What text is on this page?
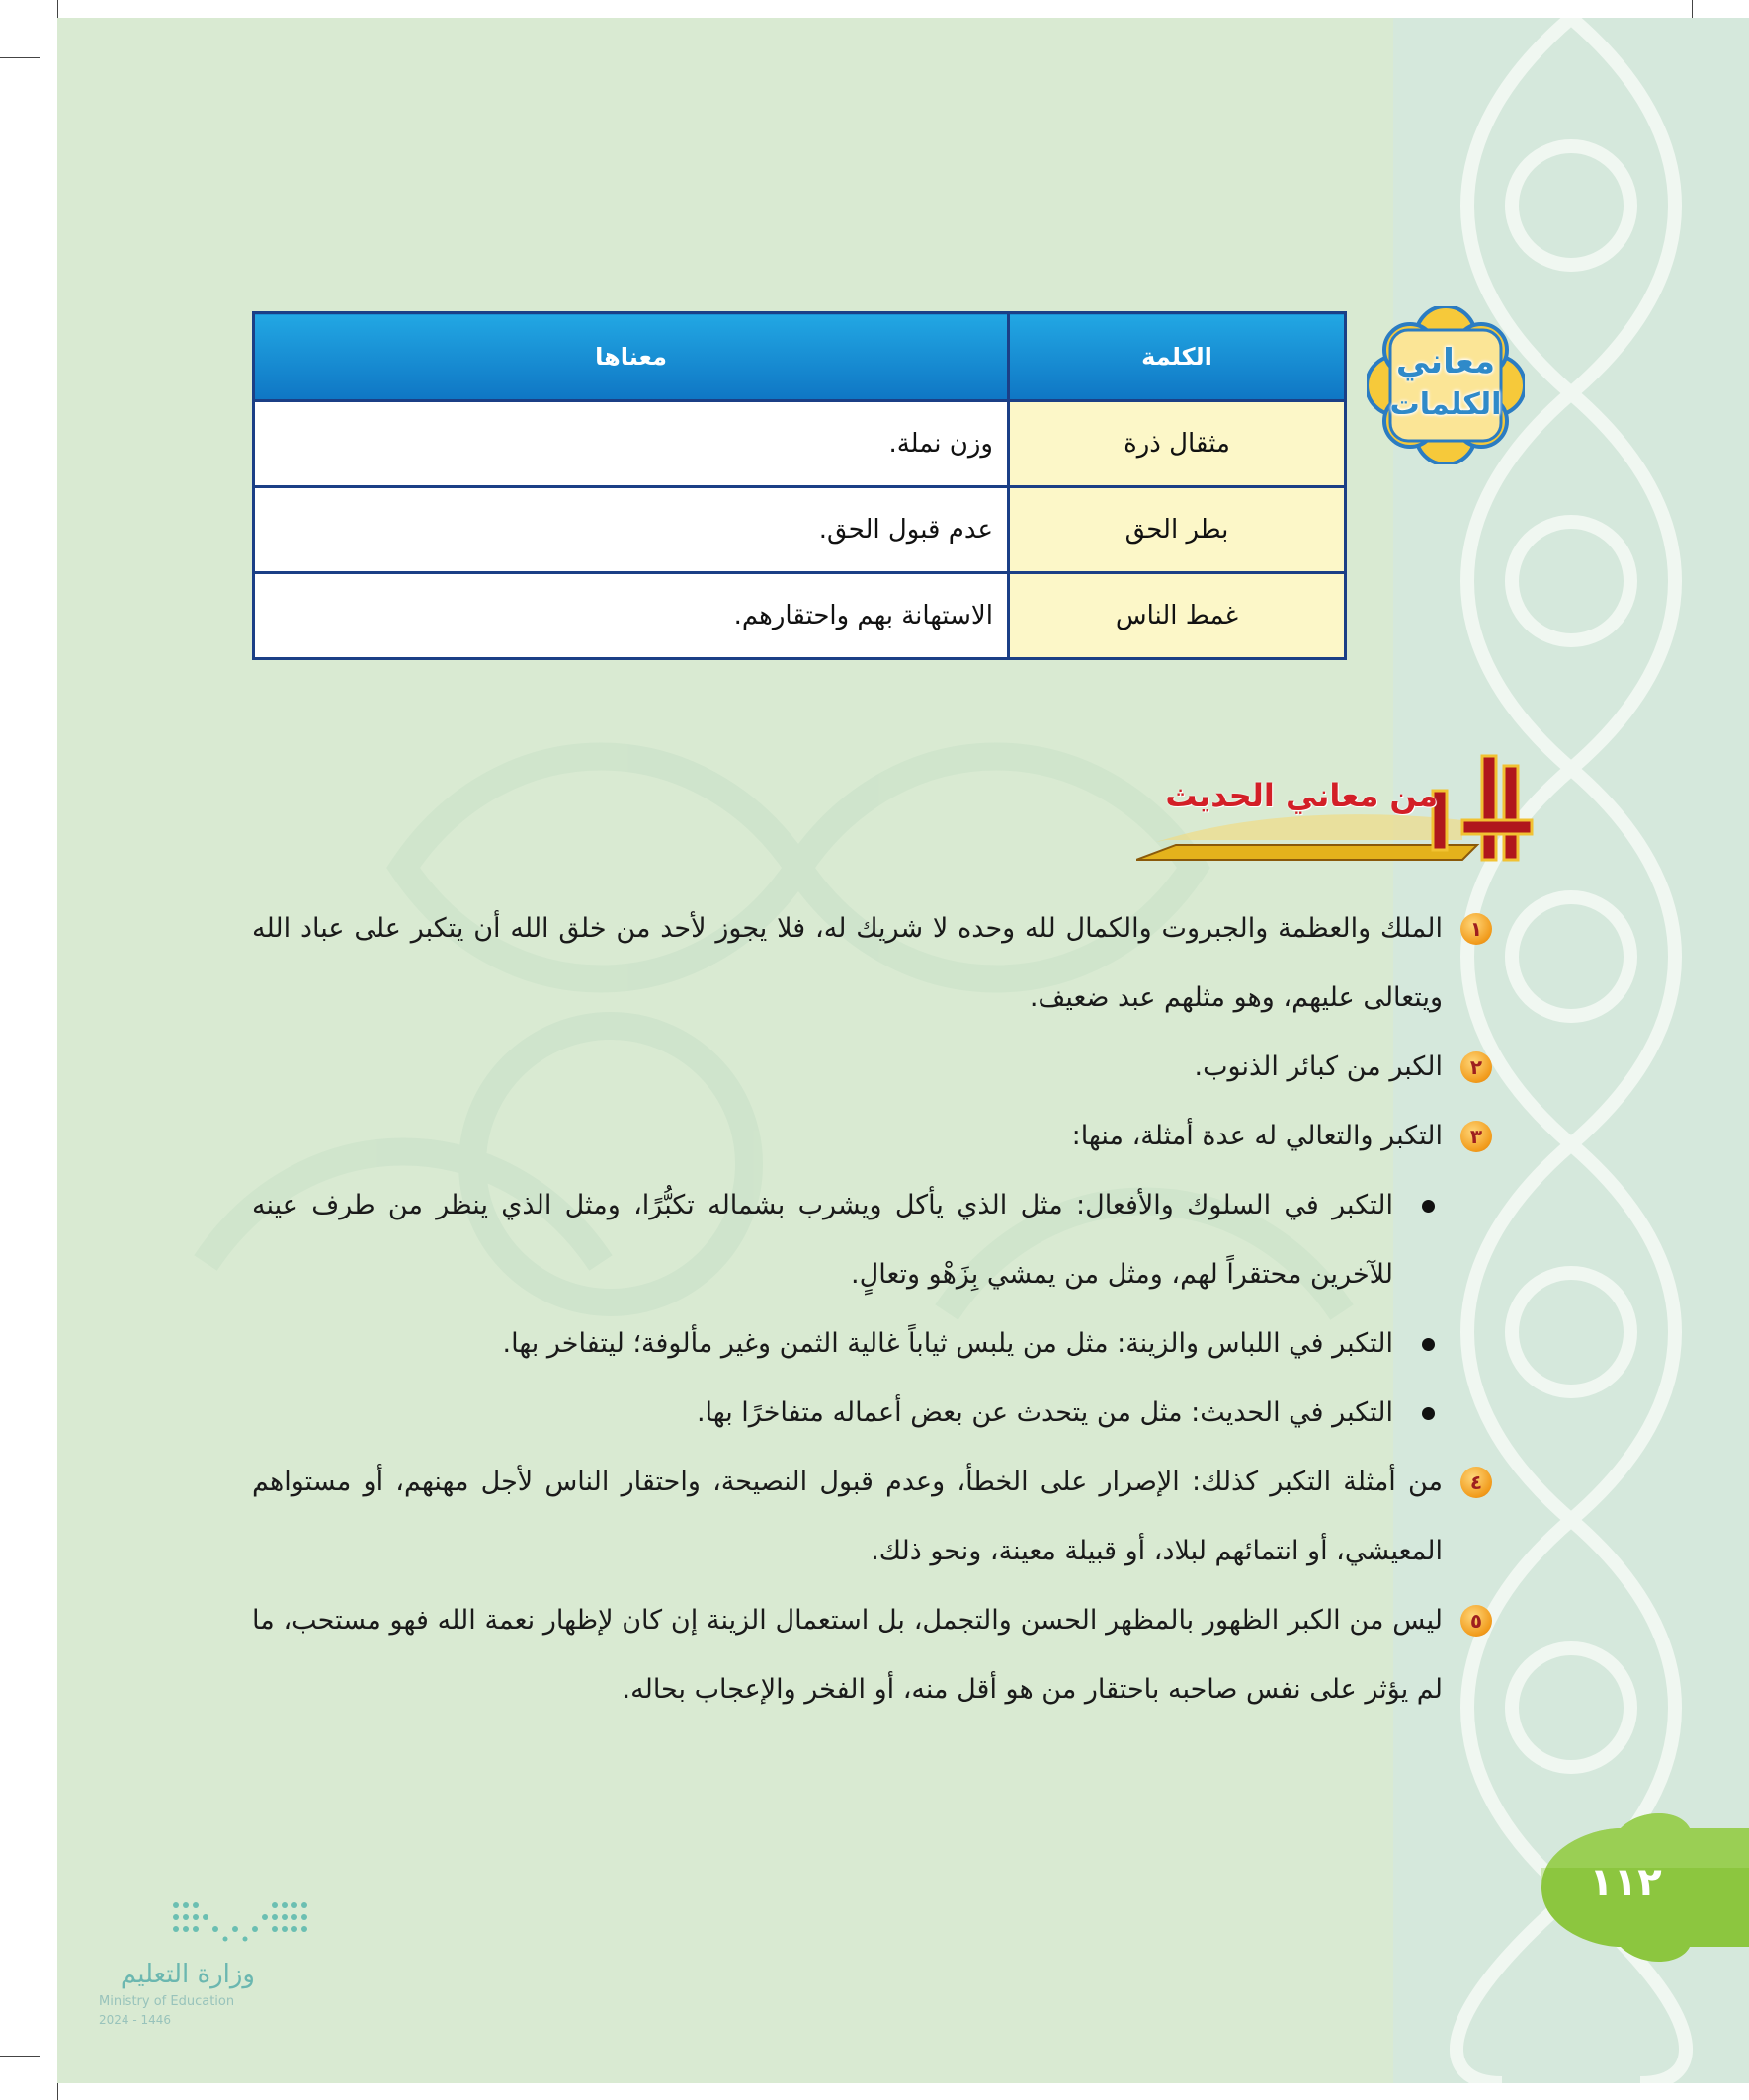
معاني
الكلمات
الكلمة	معناها
مثقال ذرة	وزن نملة.
بطر الحق	عدم قبول الحق.
غمط الناس	الاستهانة بهم واحتقارهم.
من معاني الحديث
١

الملك والعظمة والجبروت والكمال لله وحده لا شريك له، فلا يجوز لأحد من خلق الله أن يتكبر على عباد الله ويتعالى عليهم، وهو مثلهم عبد ضعيف.

٢

الكبر من كبائر الذنوب.

٣

التكبر والتعالي له عدة أمثلة، منها:

التكبر في السلوك والأفعال: مثل الذي يأكل ويشرب بشماله تكبُّرًا، ومثل الذي ينظر من طرف عينه للآخرين محتقراً لهم، ومثل من يمشي بِزَهْو وتعالٍ.

التكبر في اللباس والزينة: مثل من يلبس ثياباً غالية الثمن وغير مألوفة؛ ليتفاخر بها.

التكبر في الحديث: مثل من يتحدث عن بعض أعماله متفاخرًا بها.

٤

من أمثلة التكبر كذلك: الإصرار على الخطأ، وعدم قبول النصيحة، واحتقار الناس لأجل مهنهم، أو مستواهم المعيشي، أو انتمائهم لبلاد، أو قبيلة معينة، ونحو ذلك.

٥

ليس من الكبر الظهور بالمظهر الحسن والتجمل، بل استعمال الزينة إن كان لإظهار نعمة الله فهو مستحب، ما لم يؤثر على نفس صاحبه باحتقار من هو أقل منه، أو الفخر والإعجاب بحاله.

١١٢
وزارة التعليم
Ministry of Education
2024 - 1446
